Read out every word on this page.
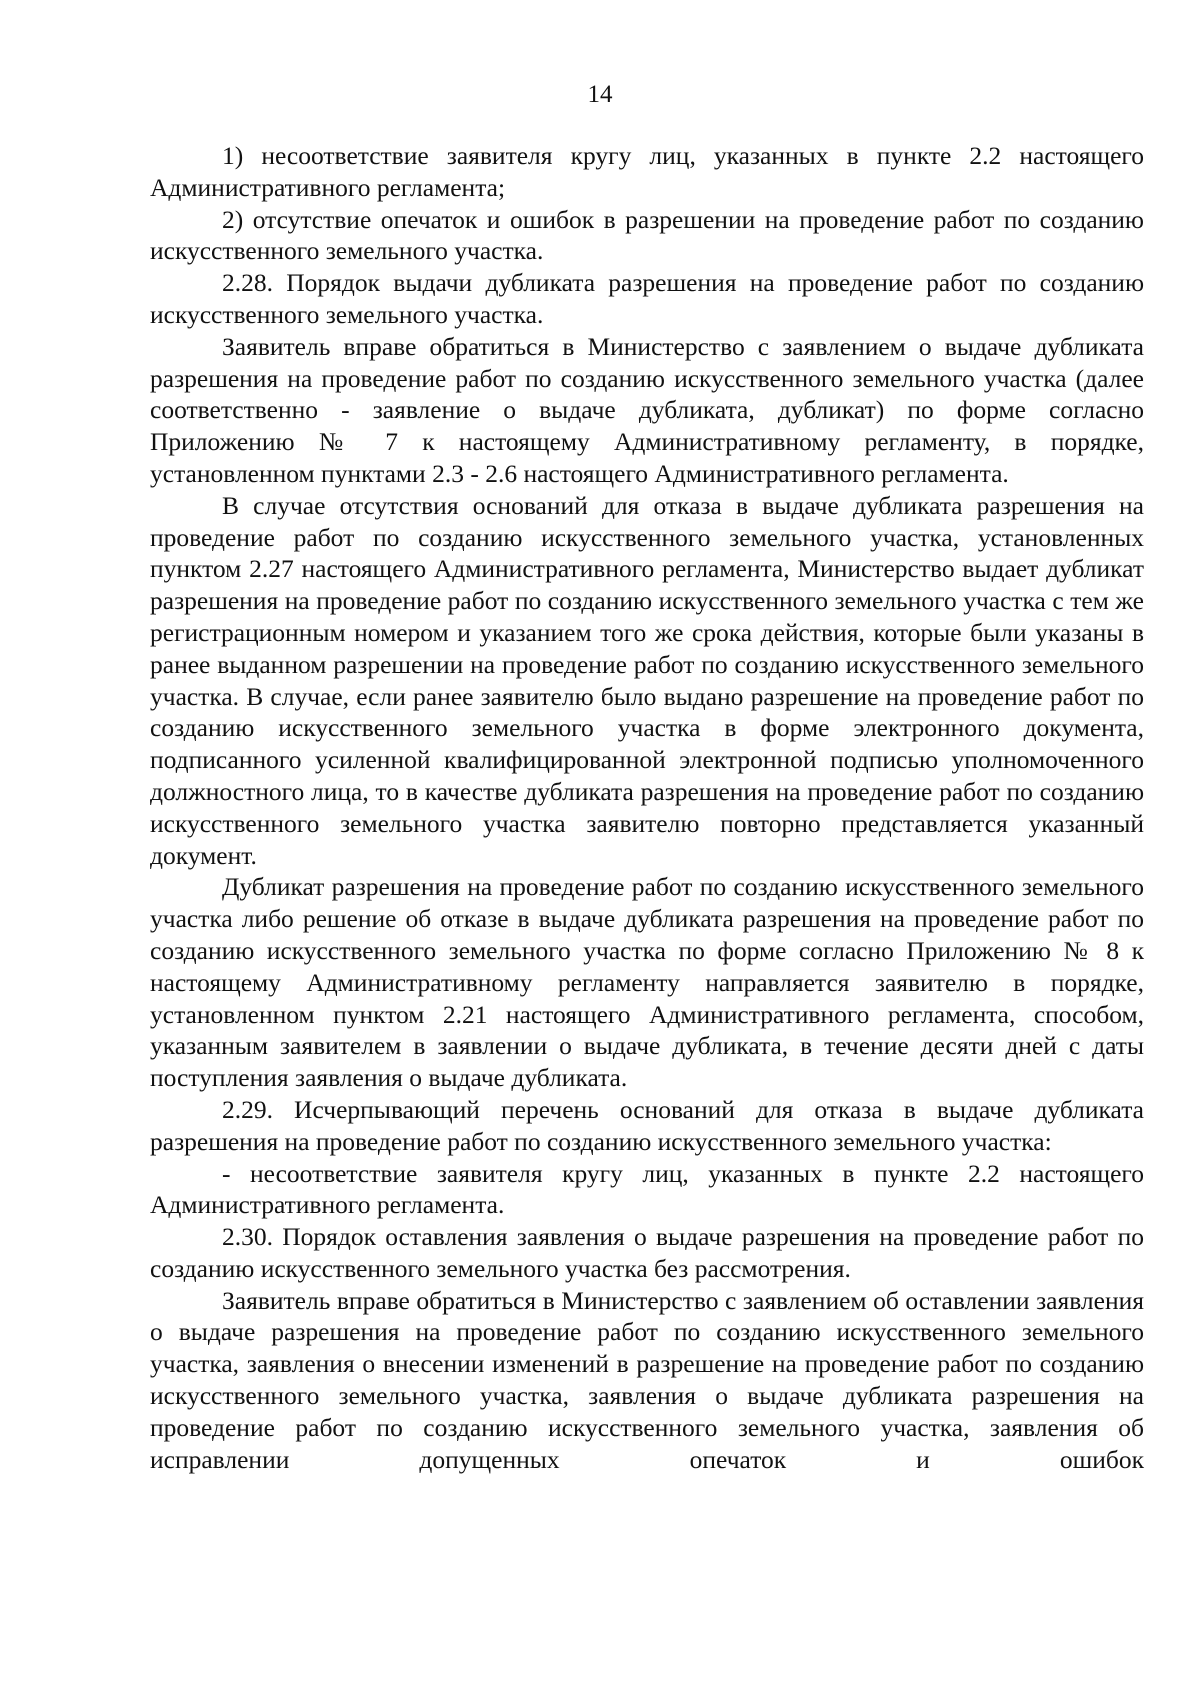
14

1) несоответствие заявителя кругу лиц, указанных в пункте 2.2 настоящего Административного регламента;

2) отсутствие опечаток и ошибок в разрешении на проведение работ по созданию искусственного земельного участка.

2.28. Порядок выдачи дубликата разрешения на проведение работ по созданию искусственного земельного участка.

Заявитель вправе обратиться в Министерство с заявлением о выдаче дубликата разрешения на проведение работ по созданию искусственного земельного участка (далее соответственно - заявление о выдаче дубликата, дубликат) по форме согласно Приложению № 7 к настоящему Административному регламенту, в порядке, установленном пунктами 2.3 - 2.6 настоящего Административного регламента.

В случае отсутствия оснований для отказа в выдаче дубликата разрешения на проведение работ по созданию искусственного земельного участка, установленных пунктом 2.27 настоящего Административного регламента, Министерство выдает дубликат разрешения на проведение работ по созданию искусственного земельного участка с тем же регистрационным номером и указанием того же срока действия, которые были указаны в ранее выданном разрешении на проведение работ по созданию искусственного земельного участка. В случае, если ранее заявителю было выдано разрешение на проведение работ по созданию искусственного земельного участка в форме электронного документа, подписанного усиленной квалифицированной электронной подписью уполномоченного должностного лица, то в качестве дубликата разрешения на проведение работ по созданию искусственного земельного участка заявителю повторно представляется указанный документ.

Дубликат разрешения на проведение работ по созданию искусственного земельного участка либо решение об отказе в выдаче дубликата разрешения на проведение работ по созданию искусственного земельного участка по форме согласно Приложению № 8 к настоящему Административному регламенту направляется заявителю в порядке, установленном пунктом 2.21 настоящего Административного регламента, способом, указанным заявителем в заявлении о выдаче дубликата, в течение десяти дней с даты поступления заявления о выдаче дубликата.

2.29. Исчерпывающий перечень оснований для отказа в выдаче дубликата разрешения на проведение работ по созданию искусственного земельного участка:

- несоответствие заявителя кругу лиц, указанных в пункте 2.2 настоящего Административного регламента.

2.30. Порядок оставления заявления о выдаче разрешения на проведение работ по созданию искусственного земельного участка без рассмотрения.

Заявитель вправе обратиться в Министерство с заявлением об оставлении заявления о выдаче разрешения на проведение работ по созданию искусственного земельного участка, заявления о внесении изменений в разрешение на проведение работ по созданию искусственного земельного участка, заявления о выдаче дубликата разрешения на проведение работ по созданию искусственного земельного участка, заявления об исправлении допущенных опечаток и ошибок
